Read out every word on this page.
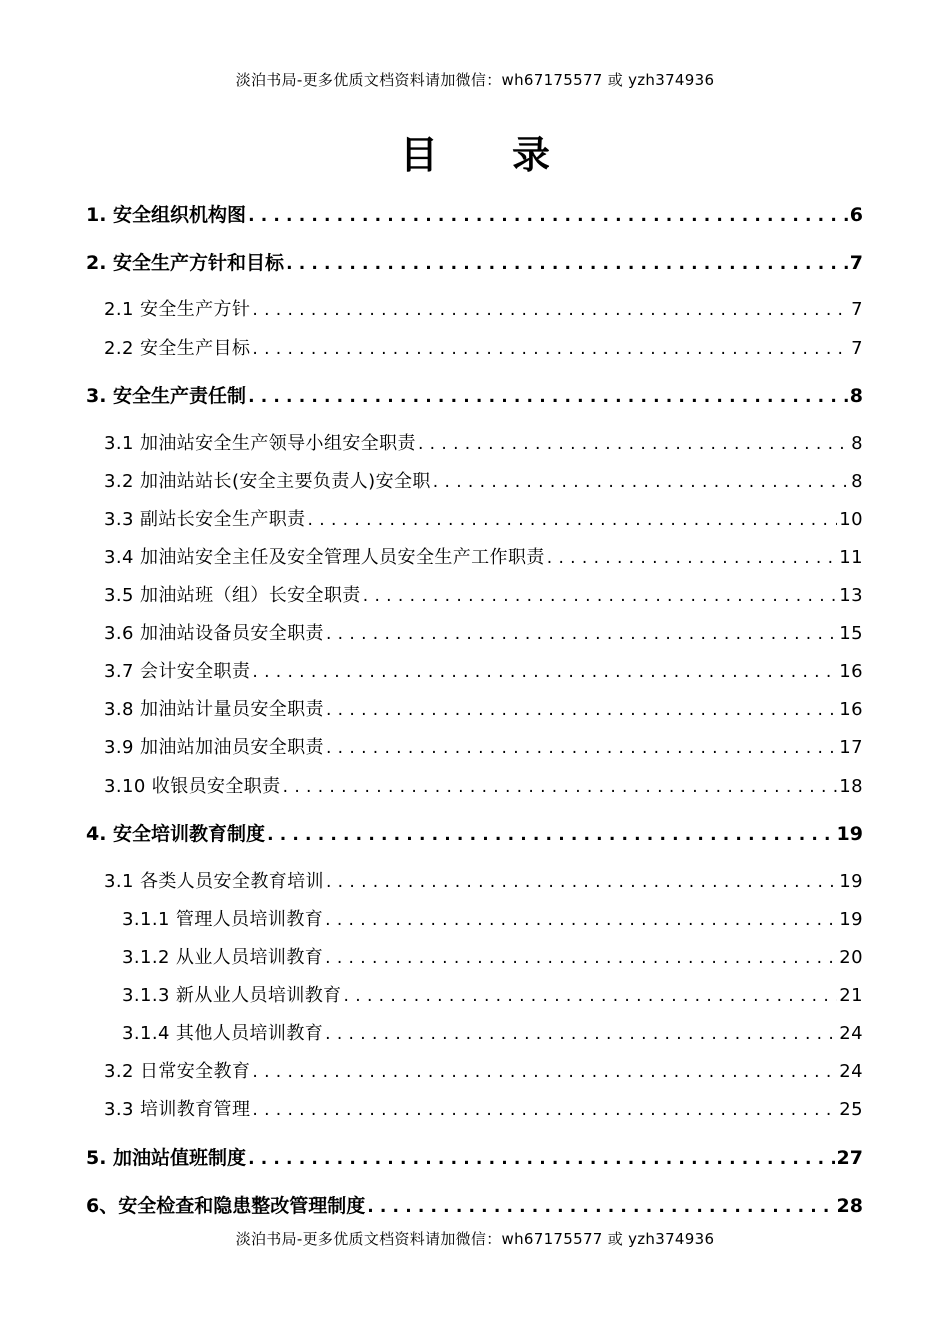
淡泊书局-更多优质文档资料请加微信：wh67175577 或 yzh374936
目 录
1. 安全组织机构图 .....	6
2. 安全生产方针和目标 .....	7
2.1 安全生产方针 .....	7
2.2 安全生产目标 .....	7
3. 安全生产责任制 .....	8
3.1 加油站安全生产领导小组安全职责 .....	8
3.2 加油站站长(安全主要负责人)安全职 .....	8
3.3 副站长安全生产职责 .....	10
3.4 加油站安全主任及安全管理人员安全生产工作职责 .....	11
3.5 加油站班（组）长安全职责 .....	13
3.6 加油站设备员安全职责 .....	15
3.7 会计安全职责 .....	16
3.8 加油站计量员安全职责 .....	16
3.9 加油站加油员安全职责 .....	17
3.10 收银员安全职责 .....	18
4. 安全培训教育制度 .....	19
3.1 各类人员安全教育培训 .....	19
3.1.1 管理人员培训教育 .....	19
3.1.2 从业人员培训教育 .....	20
3.1.3 新从业人员培训教育 .....	21
3.1.4 其他人员培训教育 .....	24
3.2 日常安全教育 .....	24
3.3 培训教育管理 .....	25
5. 加油站值班制度 .....	27
6、安全检查和隐患整改管理制度 .....	28
淡泊书局-更多优质文档资料请加微信：wh67175577 或 yzh374936
